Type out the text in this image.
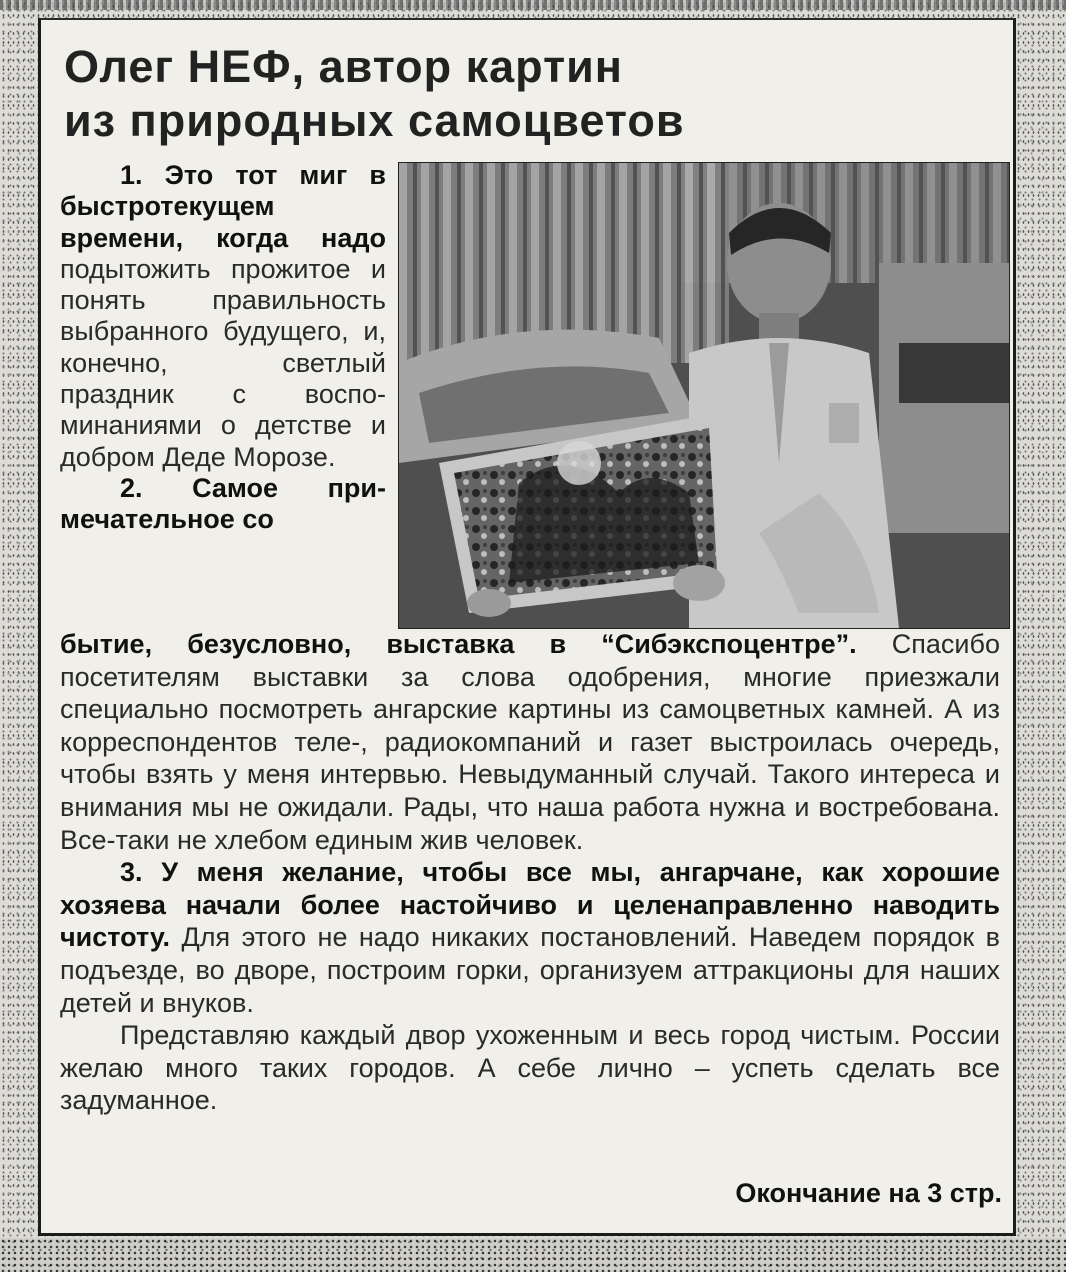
Олег НЕФ, автор картин
из природных самоцветов

1. Это тот миг в быстротекущем времени, когда надо подытожить прожитое и понять правильность выбранного будущего, и, конечно, светлый праздник с воспоминаниями о детстве и добром Деде Морозе.

2. Самое примечательное со

бытие, безусловно, выставка в “Сибэкспоцентре”. Спасибо посетителям выставки за слова одобрения, многие приезжали специально посмотреть ангарские картины из самоцветных камней. А из корреспондентов теле-, радиокомпаний и газет выстроилась очередь, чтобы взять у меня интервью. Невыдуманный случай. Такого интереса и внимания мы не ожидали. Рады, что наша работа нужна и востребована. Все-таки не хлебом единым жив человек.

3. У меня желание, чтобы все мы, ангарчане, как хорошие хозяева начали более настойчиво и целенаправленно наводить чистоту. Для этого не надо никаких постановлений. Наведем порядок в подъезде, во дворе, построим горки, организуем аттракционы для наших детей и внуков.

Представляю каждый двор ухоженным и весь город чистым. России желаю много таких городов. А себе лично – успеть сделать все задуманное.

Окончание на 3 стр.
